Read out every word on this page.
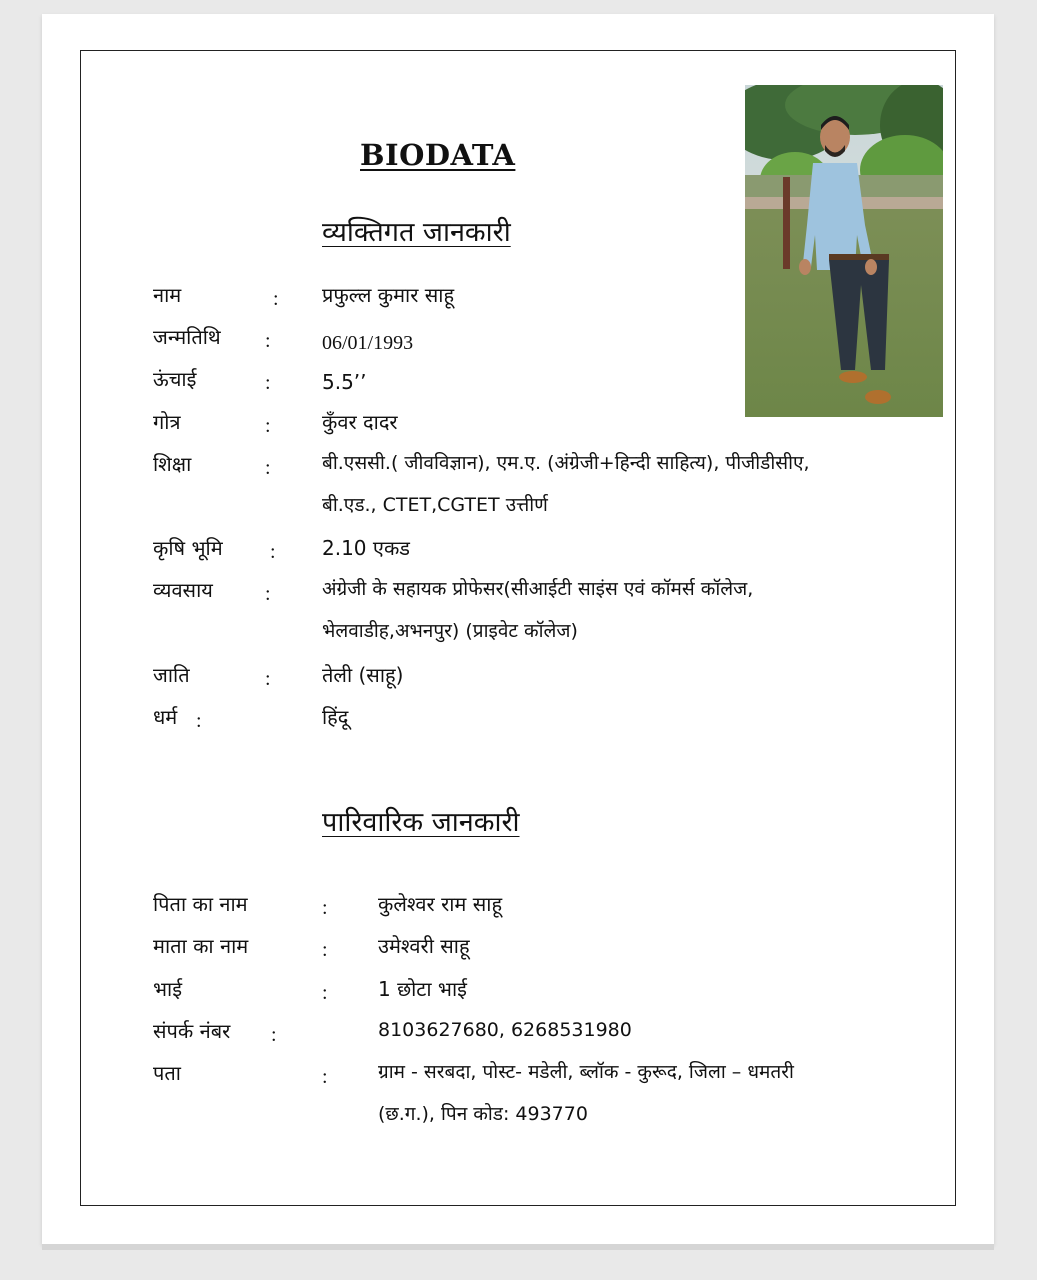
BIODATA
व्यक्तिगत जानकारी
नाम	: प्रफुल्ल कुमार साहू
जन्मतिथि :	06/01/1993
ऊंचाई	:	5.5’’
गोत्र	:	कुँवर दादर
शिक्षा	:	बी.एससी.( जीवविज्ञान), एम.ए. (अंग्रेजी+हिन्दी साहित्य), पीजीडीसीए,
बी.एड., CTET,CGTET उत्तीर्ण
कृषि भूमि : 2.10 एकड
व्यवसाय	:	अंग्रेजी के सहायक प्रोफेसर(सीआईटी साइंस एवं कॉमर्स कॉलेज,
भेलवाडीह,अभनपुर) (प्राइवेट कॉलेज)
जाति	:	तेली (साहू)
धर्म :	हिंदू
पारिवारिक जानकारी
पिता का नाम	:	कुलेश्वर राम साहू
माता का नाम	:	उमेश्वरी साहू
भाई	:	1 छोटा भाई
संपर्क नंबर :	8103627680, 6268531980
पता	:	ग्राम - सरबदा, पोस्ट- मडेली, ब्लॉक - कुरूद, जिला – धमतरी
(छ.ग.), पिन कोड: 493770
